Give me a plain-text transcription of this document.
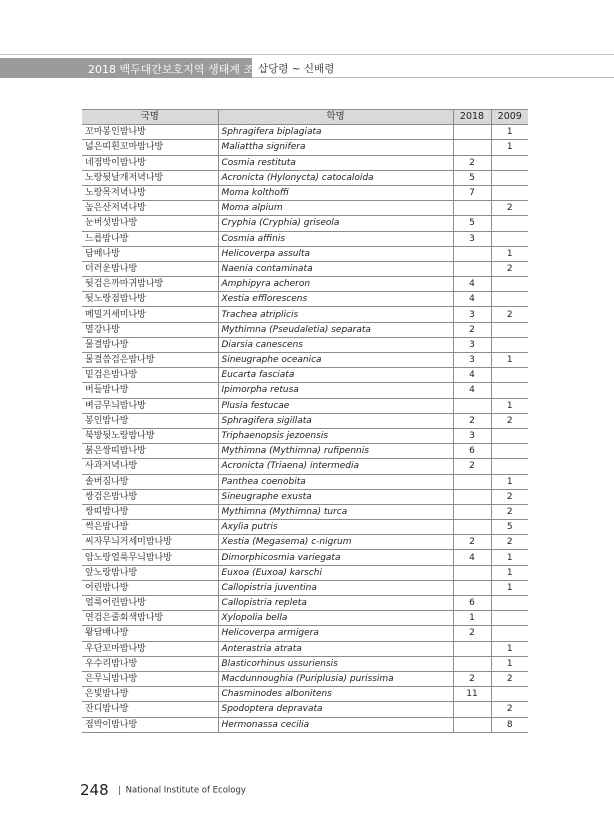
2018 백두대간보호지역 생태계 조사
삽당령 ~ 신배령
국명	학명	2018	2009
꼬마봉인밤나방	Sphragifera biplagiata		1
넓은띠흰꼬마밤나방	Maliattha signifera		1
네점박이밤나방	Cosmia restituta	2	
노랑뒷날개저녁나방	Acronicta (Hylonycta) catocaloida	5	
노랑목저녁나방	Moma kolthoffi	7	
높은산저녁나방	Moma alpium		2
눈버섯밤나방	Cryphia (Cryphia) griseola	5	
느릅밤나방	Cosmia affinis	3	
담배나방	Helicoverpa assulta		1
더러운밤나방	Naenia contaminata		2
뒷검은까마귀밤나방	Amphipyra acheron	4	
뒷노랑점밤나방	Xestia efflorescens	4	
메밀거세미나방	Trachea atriplicis	3	2
멸강나방	Mythimna (Pseudaletia) separata	2	
물결밤나방	Diarsia canescens	3	
물결씀검은밤나방	Sineugraphe oceanica	3	1
밑검은밤나방	Eucarta fasciata	4	
버들밤나방	Ipimorpha retusa	4	
벼금무늬밤나방	Plusia festucae		1
봉인밤나방	Sphragifera sigillata	2	2
북방뒷노랑밤나방	Triphaenopsis jezoensis	3	
붉은쌍띠밤나방	Mythimna (Mythimna) rufipennis	6	
사과저녁나방	Acronicta (Triaena) intermedia	2	
솔버짐나방	Panthea coenobita		1
쌍검은밤나방	Sineugraphe exusta		2
쌍띠밤나방	Mythimna (Mythimna) turca		2
썩은밤나방	Axylia putris		5
씨자무늬거세미밤나방	Xestia (Megasema) c-nigrum	2	2
암노랑얼룩무늬밤나방	Dimorphicosmia variegata	4	1
앞노랑밤나방	Euxoa (Euxoa) karschi		1
어린밤나방	Callopistria juventina		1
얼룩어린밤나방	Callopistria repleta	6	
연검은줄회색밤나방	Xylopolia bella	1	
왕담배나방	Helicoverpa armigera	2	
우단꼬마밤나방	Anterastria atrata		1
우수리밤나방	Blasticorhinus ussuriensis		1
은무늬밤나방	Macdunnoughia (Puriplusia) purissima	2	2
은빛밤나방	Chasminodes albonitens	11	
잔디밤나방	Spodoptera depravata		2
점박이밤나방	Hermonassa cecilia		8
248 National Institute of Ecology
